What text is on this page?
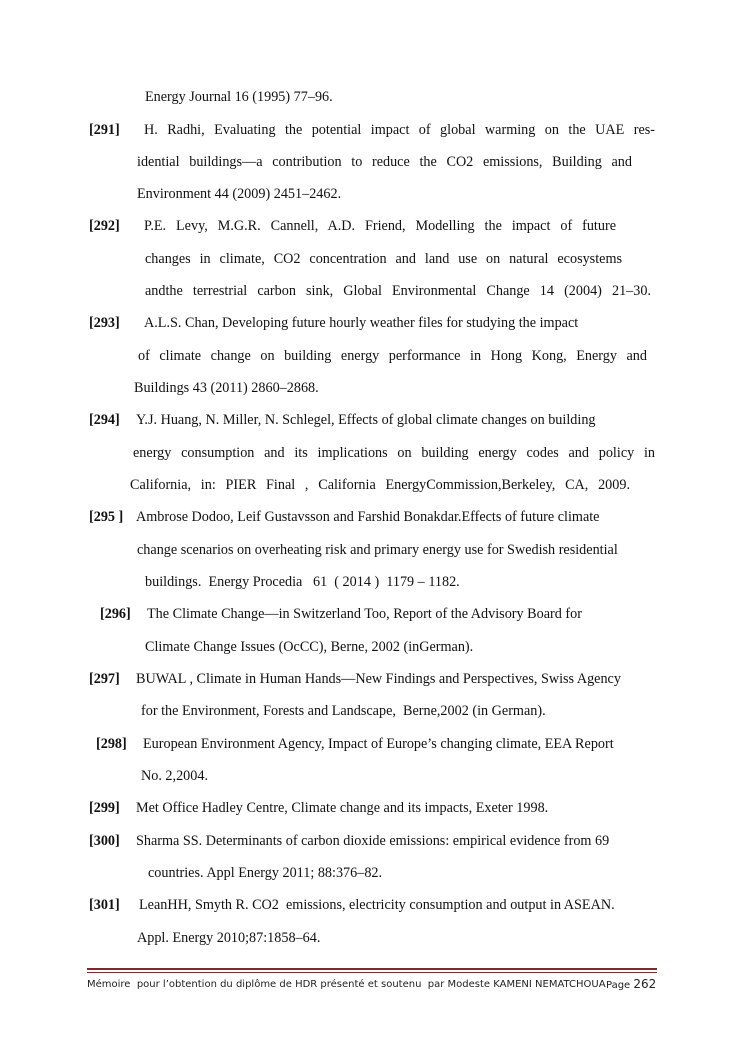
Energy Journal 16 (1995) 77–96.
[291] H. Radhi, Evaluating the potential impact of global warming on the UAE res-
idential buildings—a contribution to reduce the CO2 emissions, Building and
Environment 44 (2009) 2451–2462.
[292] P.E. Levy, M.G.R. Cannell, A.D. Friend, Modelling the impact of future
changes in climate, CO2 concentration and land use on natural ecosystems
andthe terrestrial carbon sink, Global Environmental Change 14 (2004) 21–30.
[293] A.L.S. Chan, Developing future hourly weather files for studying the impact
of climate change on building energy performance in Hong Kong, Energy and
Buildings 43 (2011) 2860–2868.
[294] Y.J. Huang, N. Miller, N. Schlegel, Effects of global climate changes on building
energy consumption and its implications on building energy codes and policy in
California, in: PIER Final , California EnergyCommission,Berkeley, CA, 2009.
[295 ] Ambrose Dodoo, Leif Gustavsson and Farshid Bonakdar.Effects of future climate
change scenarios on overheating risk and primary energy use for Swedish residential
buildings.  Energy Procedia   61  ( 2014 )  1179 – 1182.
[296] The Climate Change—in Switzerland Too, Report of the Advisory Board for
Climate Change Issues (OcCC), Berne, 2002 (inGerman).
[297] BUWAL , Climate in Human Hands—New Findings and Perspectives, Swiss Agency
for the Environment, Forests and Landscape,  Berne,2002 (in German).
[298] European Environment Agency, Impact of Europe’s changing climate, EEA Report
No. 2,2004.
[299] Met Office Hadley Centre, Climate change and its impacts, Exeter 1998.
[300] Sharma SS. Determinants of carbon dioxide emissions: empirical evidence from 69
countries. Appl Energy 2011; 88:376–82.
[301] LeanHH, Smyth R. CO2  emissions, electricity consumption and output in ASEAN.
Appl. Energy 2010;87:1858–64.
Mémoire  pour l’obtention du diplôme de HDR présenté et soutenu  par Modeste KAMENI NEMATCHOUA Page 262
